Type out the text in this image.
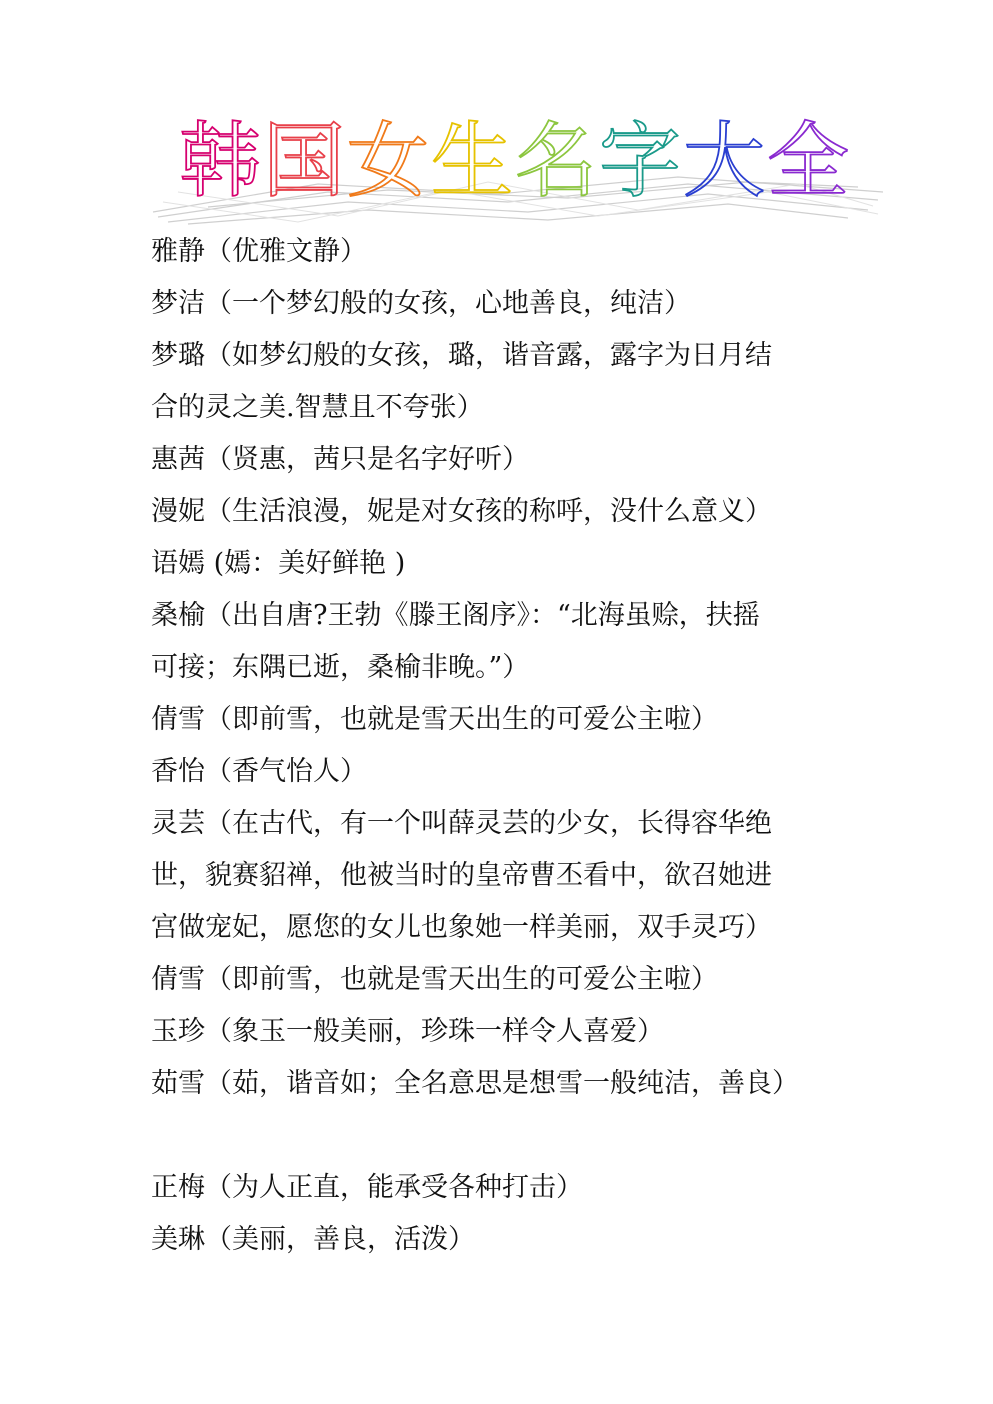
韩 国 女 生 名 字 大 全
雅静（优雅文静）
梦洁（一个梦幻般的女孩，心地善良，纯洁）
梦璐（如梦幻般的女孩，璐，谐音露，露字为日月结
合的灵之美.智慧且不夸张）
惠茜（贤惠，茜只是名字好听）
漫妮（生活浪漫，妮是对女孩的称呼，没什么意义）
语嫣 (嫣：美好鲜艳 )
桑榆（出自唐?王勃《滕王阁序》：“北海虽赊，扶摇
可接；东隅已逝，桑榆非晚。”）
倩雪（即前雪，也就是雪天出生的可爱公主啦）
香怡（香气怡人）
灵芸（在古代，有一个叫薛灵芸的少女，长得容华绝
世，貌赛貂禅，他被当时的皇帝曹丕看中，欲召她进
宫做宠妃，愿您的女儿也象她一样美丽，双手灵巧）
倩雪（即前雪，也就是雪天出生的可爱公主啦）
玉珍（象玉一般美丽，珍珠一样令人喜爱）
茹雪（茹，谐音如；全名意思是想雪一般纯洁，善良）
正梅（为人正直，能承受各种打击）
美琳（美丽，善良，活泼）
